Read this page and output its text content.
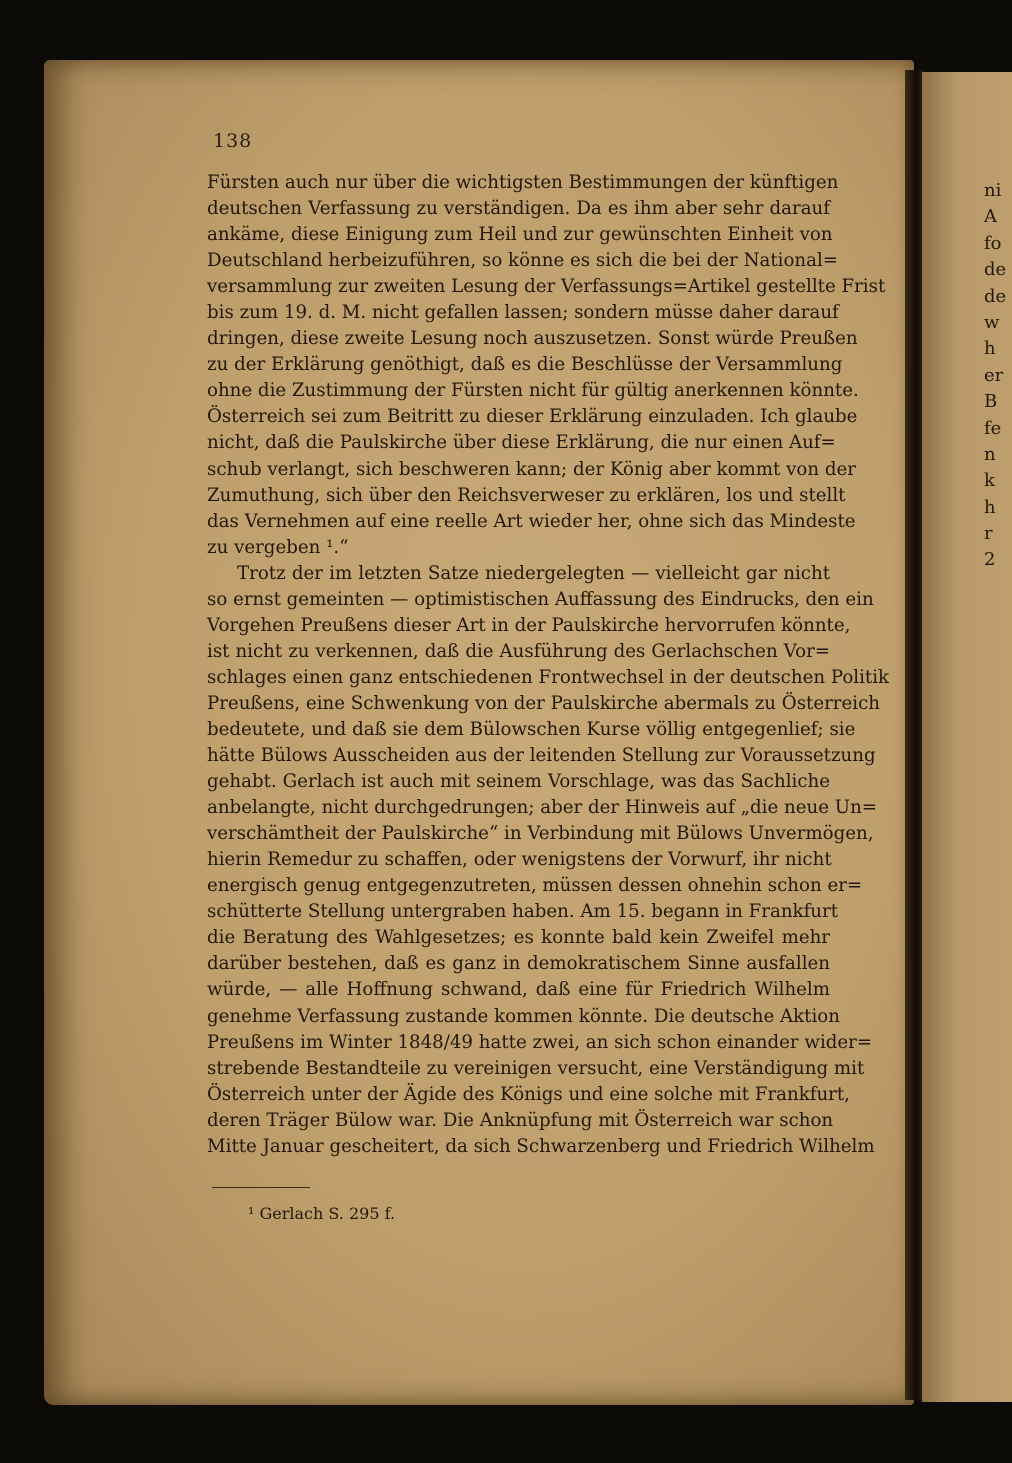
138
Fürsten auch nur über die wichtigsten Bestimmungen der künftigen
deutschen Verfassung zu verständigen. Da es ihm aber sehr darauf
ankäme, diese Einigung zum Heil und zur gewünschten Einheit von
Deutschland herbeizuführen, so könne es sich die bei der National=
versammlung zur zweiten Lesung der Verfassungs=Artikel gestellte Frist
bis zum 19. d. M. nicht gefallen lassen; sondern müsse daher darauf
dringen, diese zweite Lesung noch auszusetzen. Sonst würde Preußen
zu der Erklärung genöthigt, daß es die Beschlüsse der Versammlung
ohne die Zustimmung der Fürsten nicht für gültig anerkennen könnte.
Österreich sei zum Beitritt zu dieser Erklärung einzuladen. Ich glaube
nicht, daß die Paulskirche über diese Erklärung, die nur einen Auf=
schub verlangt, sich beschweren kann; der König aber kommt von der
Zumuthung, sich über den Reichsverweser zu erklären, los und stellt
das Vernehmen auf eine reelle Art wieder her, ohne sich das Mindeste
zu vergeben ¹.“
Trotz der im letzten Satze niedergelegten — vielleicht gar nicht
so ernst gemeinten — optimistischen Auffassung des Eindrucks, den ein
Vorgehen Preußens dieser Art in der Paulskirche hervorrufen könnte,
ist nicht zu verkennen, daß die Ausführung des Gerlachschen Vor=
schlages einen ganz entschiedenen Frontwechsel in der deutschen Politik
Preußens, eine Schwenkung von der Paulskirche abermals zu Österreich
bedeutete, und daß sie dem Bülowschen Kurse völlig entgegenlief; sie
hätte Bülows Ausscheiden aus der leitenden Stellung zur Voraussetzung
gehabt. Gerlach ist auch mit seinem Vorschlage, was das Sachliche
anbelangte, nicht durchgedrungen; aber der Hinweis auf „die neue Un=
verschämtheit der Paulskirche“ in Verbindung mit Bülows Unvermögen,
hierin Remedur zu schaffen, oder wenigstens der Vorwurf, ihr nicht
energisch genug entgegenzutreten, müssen dessen ohnehin schon er=
schütterte Stellung untergraben haben. Am 15. begann in Frankfurt
die Beratung des Wahlgesetzes; es konnte bald kein Zweifel mehr
darüber bestehen, daß es ganz in demokratischem Sinne ausfallen
würde, — alle Hoffnung schwand, daß eine für Friedrich Wilhelm
genehme Verfassung zustande kommen könnte. Die deutsche Aktion
Preußens im Winter 1848/49 hatte zwei, an sich schon einander wider=
strebende Bestandteile zu vereinigen versucht, eine Verständigung mit
Österreich unter der Ägide des Königs und eine solche mit Frankfurt,
deren Träger Bülow war. Die Anknüpfung mit Österreich war schon
Mitte Januar gescheitert, da sich Schwarzenberg und Friedrich Wilhelm
¹ Gerlach S. 295 f.
ni
A
fo
de
de
w
h
er
B
fe
n
k
h
r
2
